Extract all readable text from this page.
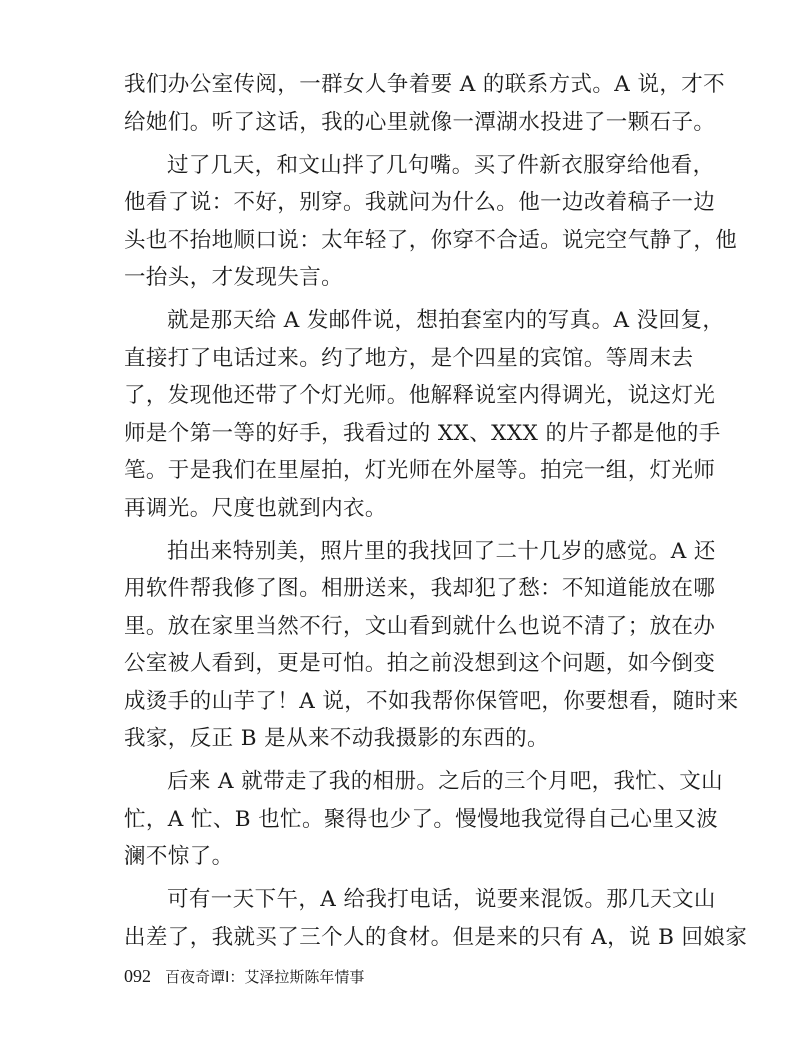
我们办公室传阅，一群女人争着要 A 的联系方式。A 说，才不
给她们。听了这话，我的心里就像一潭湖水投进了一颗石子。
过了几天，和文山拌了几句嘴。买了件新衣服穿给他看，
他看了说：不好，别穿。我就问为什么。他一边改着稿子一边
头也不抬地顺口说：太年轻了，你穿不合适。说完空气静了，他
一抬头，才发现失言。
就是那天给 A 发邮件说，想拍套室内的写真。A 没回复，
直接打了电话过来。约了地方，是个四星的宾馆。等周末去
了，发现他还带了个灯光师。他解释说室内得调光，说这灯光
师是个第一等的好手，我看过的 XX、XXX 的片子都是他的手
笔。于是我们在里屋拍，灯光师在外屋等。拍完一组，灯光师
再调光。尺度也就到内衣。
拍出来特别美，照片里的我找回了二十几岁的感觉。A 还
用软件帮我修了图。相册送来，我却犯了愁：不知道能放在哪
里。放在家里当然不行，文山看到就什么也说不清了；放在办
公室被人看到，更是可怕。拍之前没想到这个问题，如今倒变
成烫手的山芋了！A 说，不如我帮你保管吧，你要想看，随时来
我家，反正 B 是从来不动我摄影的东西的。
后来 A 就带走了我的相册。之后的三个月吧，我忙、文山
忙，A 忙、B 也忙。聚得也少了。慢慢地我觉得自己心里又波
澜不惊了。
可有一天下午，A 给我打电话，说要来混饭。那几天文山
出差了，我就买了三个人的食材。但是来的只有 A，说 B 回娘家
092 百夜奇谭Ⅰ：艾泽拉斯陈年情事
